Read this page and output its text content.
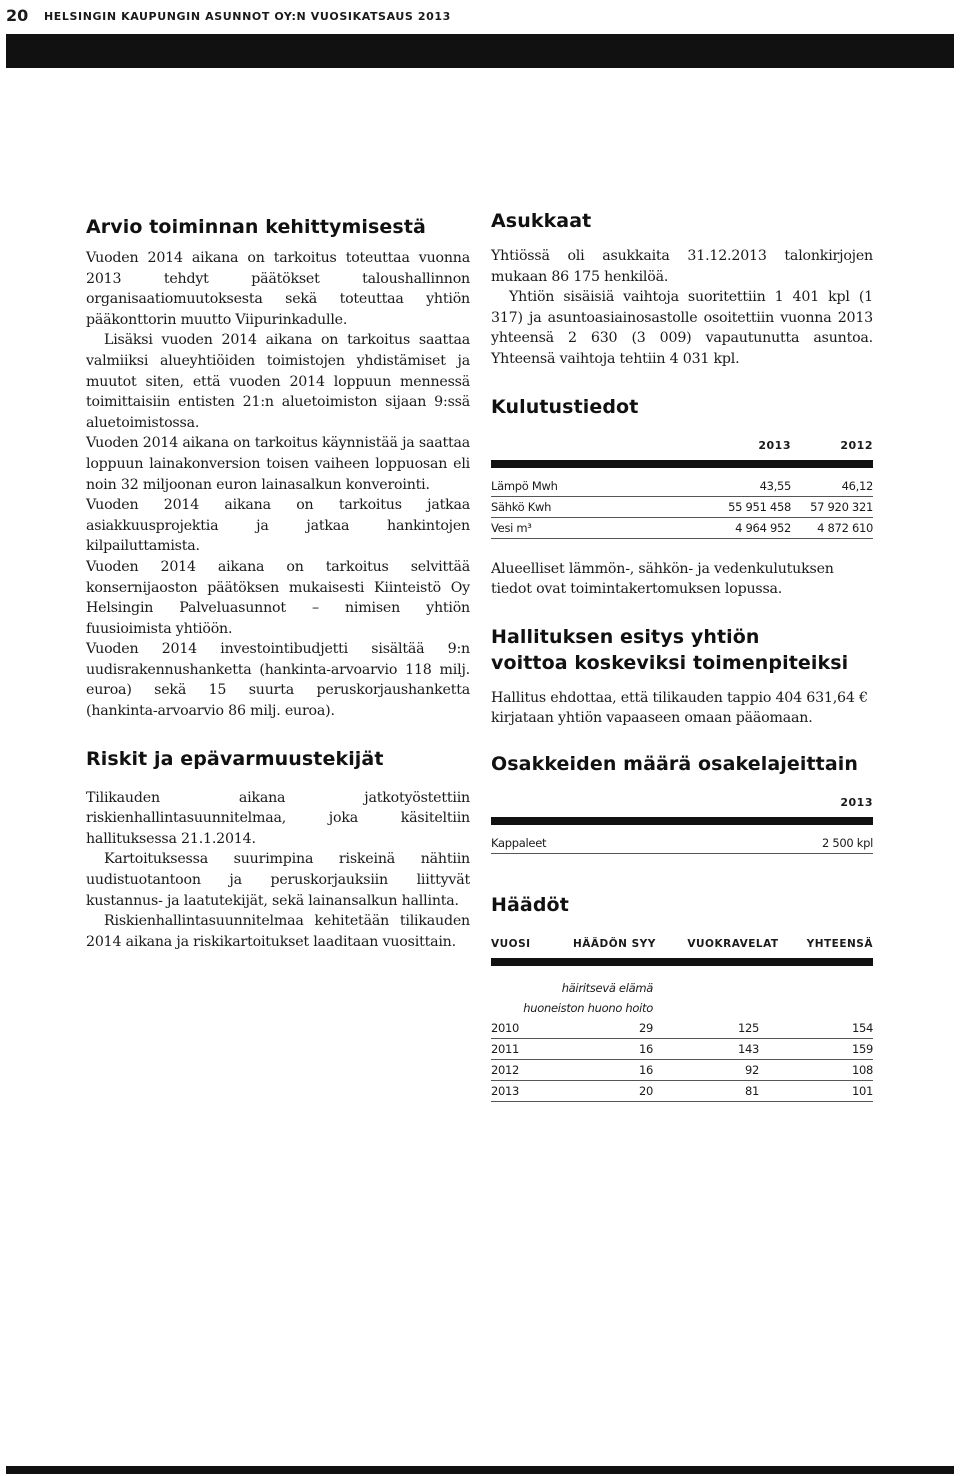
20 HELSINGIN KAUPUNGIN ASUNNOT OY:N VUOSIKATSAUS 2013
Arvio toiminnan kehittymisestä

Vuoden 2014 aikana on tarkoitus toteuttaa vuonna 2013 tehdyt päätökset taloushallinnon organisaatiomuutoksesta sekä toteuttaa yhtiön pääkonttorin muutto Viipurinkadulle.

Lisäksi vuoden 2014 aikana on tarkoitus saattaa valmiiksi alueyhtiöiden toimistojen yhdistämiset ja muutot siten, että vuoden 2014 loppuun mennessä toimittaisiin entisten 21:n aluetoimiston sijaan 9:ssä aluetoimistossa.

Vuoden 2014 aikana on tarkoitus käynnistää ja saattaa loppuun lainakonversion toisen vaiheen loppuosan eli noin 32 miljoonan euron lainasalkun konverointi.

Vuoden 2014 aikana on tarkoitus jatkaa asiakkuusprojektia ja jatkaa hankintojen kilpailuttamista.

Vuoden 2014 aikana on tarkoitus selvittää konsernijaoston päätöksen mukaisesti Kiinteistö Oy Helsingin Palveluasunnot – nimisen yhtiön fuusioimista yhtiöön.

Vuoden 2014 investointibudjetti sisältää 9:n uudisrakennushanketta (hankinta-arvoarvio 118 milj. euroa) sekä 15 suurta peruskorjaushanketta (hankinta-arvoarvio 86 milj. euroa).

Riskit ja epävarmuustekijät

Tilikauden aikana jatkotyöstettiin riskienhallintasuunnitelmaa, joka käsiteltiin hallituksessa 21.1.2014.

Kartoituksessa suurimpina riskeinä nähtiin uudistuotantoon ja peruskorjauksiin liittyvät kustannus- ja laatutekijät, sekä lainansalkun hallinta.

Riskienhallintasuunnitelmaa kehitetään tilikauden 2014 aikana ja riskikartoitukset laaditaan vuosittain.

Asukkaat

Yhtiössä oli asukkaita 31.12.2013 talonkirjojen mukaan 86 175 henkilöä.

Yhtiön sisäisiä vaihtoja suoritettiin 1 401 kpl (1 317) ja asuntoasiainosastolle osoitettiin vuonna 2013 yhteensä 2 630 (3 009) vapautunutta asuntoa. Yhteensä vaihtoja tehtiin 4 031 kpl.

Kulutustiedot
2013	2012
Lämpö Mwh	43,55	46,12
Sähkö Kwh	55 951 458	57 920 321
Vesi m³	4 964 952	4 872 610

Alueelliset lämmön-, sähkön- ja vedenkulutuksen tiedot ovat toimintakertomuksen lopussa.

Hallituksen esitys yhtiön
voittoa koskeviksi toimenpiteiksi

Hallitus ehdottaa, että tilikauden tappio 404 631,64 € kirjataan yhtiön vapaaseen omaan pääomaan.

Osakkeiden määrä osakelajeittain
2013
Kappaleet	2 500 kpl
Häädöt
VUOSI	HÄÄDÖN SYY	VUOKRAVELAT	YHTEENSÄ
häiritsevä elämä
huoneiston huono hoito
2010	29	125	154
2011	16	143	159
2012	16	92	108
2013	20	81	101
